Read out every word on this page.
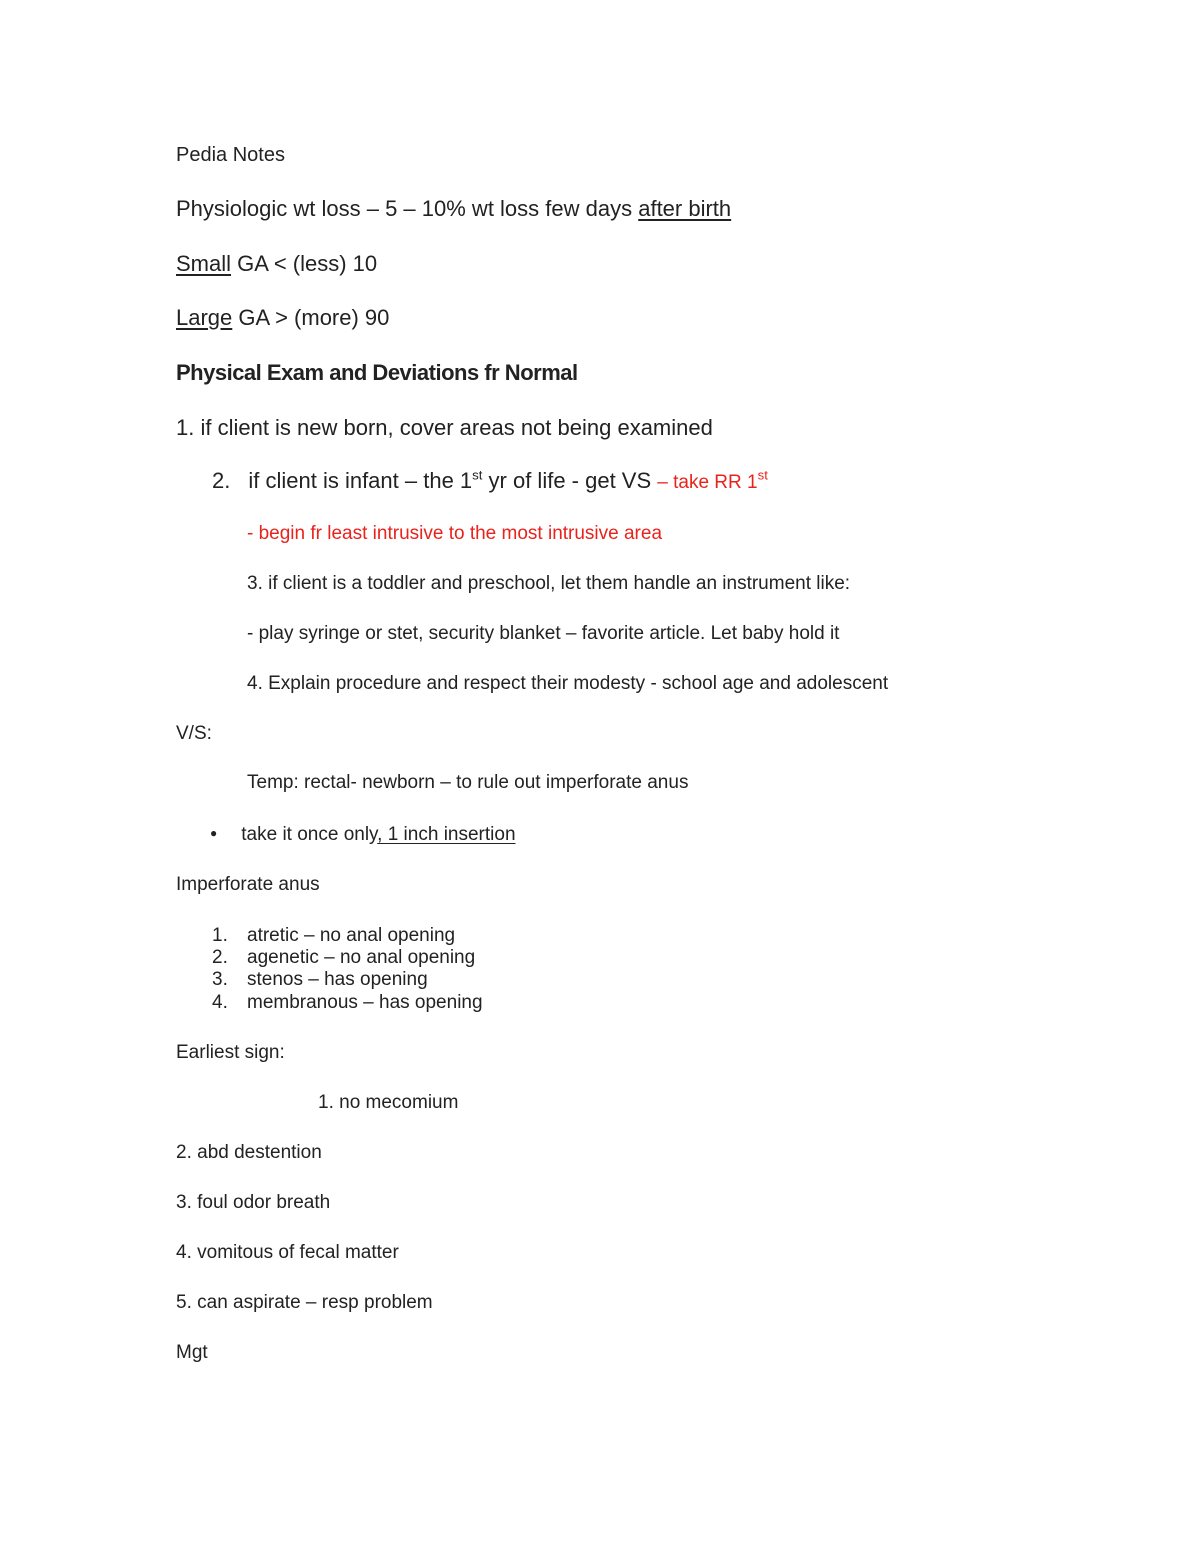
Pedia Notes
Physiologic wt loss – 5 – 10% wt loss few days after birth
Small GA < (less) 10
Large GA > (more) 90
Physical Exam and Deviations fr Normal
1. if client is new born, cover areas not being examined
2. if client is infant – the 1st yr of life - get VS – take RR 1st
- begin fr least intrusive to the most intrusive area
3. if client is a toddler and preschool, let them handle an instrument like:
- play syringe or stet, security blanket – favorite article. Let baby hold it
4. Explain procedure and respect their modesty - school age and adolescent
V/S:
Temp: rectal- newborn – to rule out imperforate anus
● take it once only, 1 inch insertion
Imperforate anus
1. atretic – no anal opening
2. agenetic – no anal opening
3. stenos – has opening
4. membranous – has opening
Earliest sign:
1. no mecomium
2. abd destention
3. foul odor breath
4. vomitous of fecal matter
5. can aspirate – resp problem
Mgt
